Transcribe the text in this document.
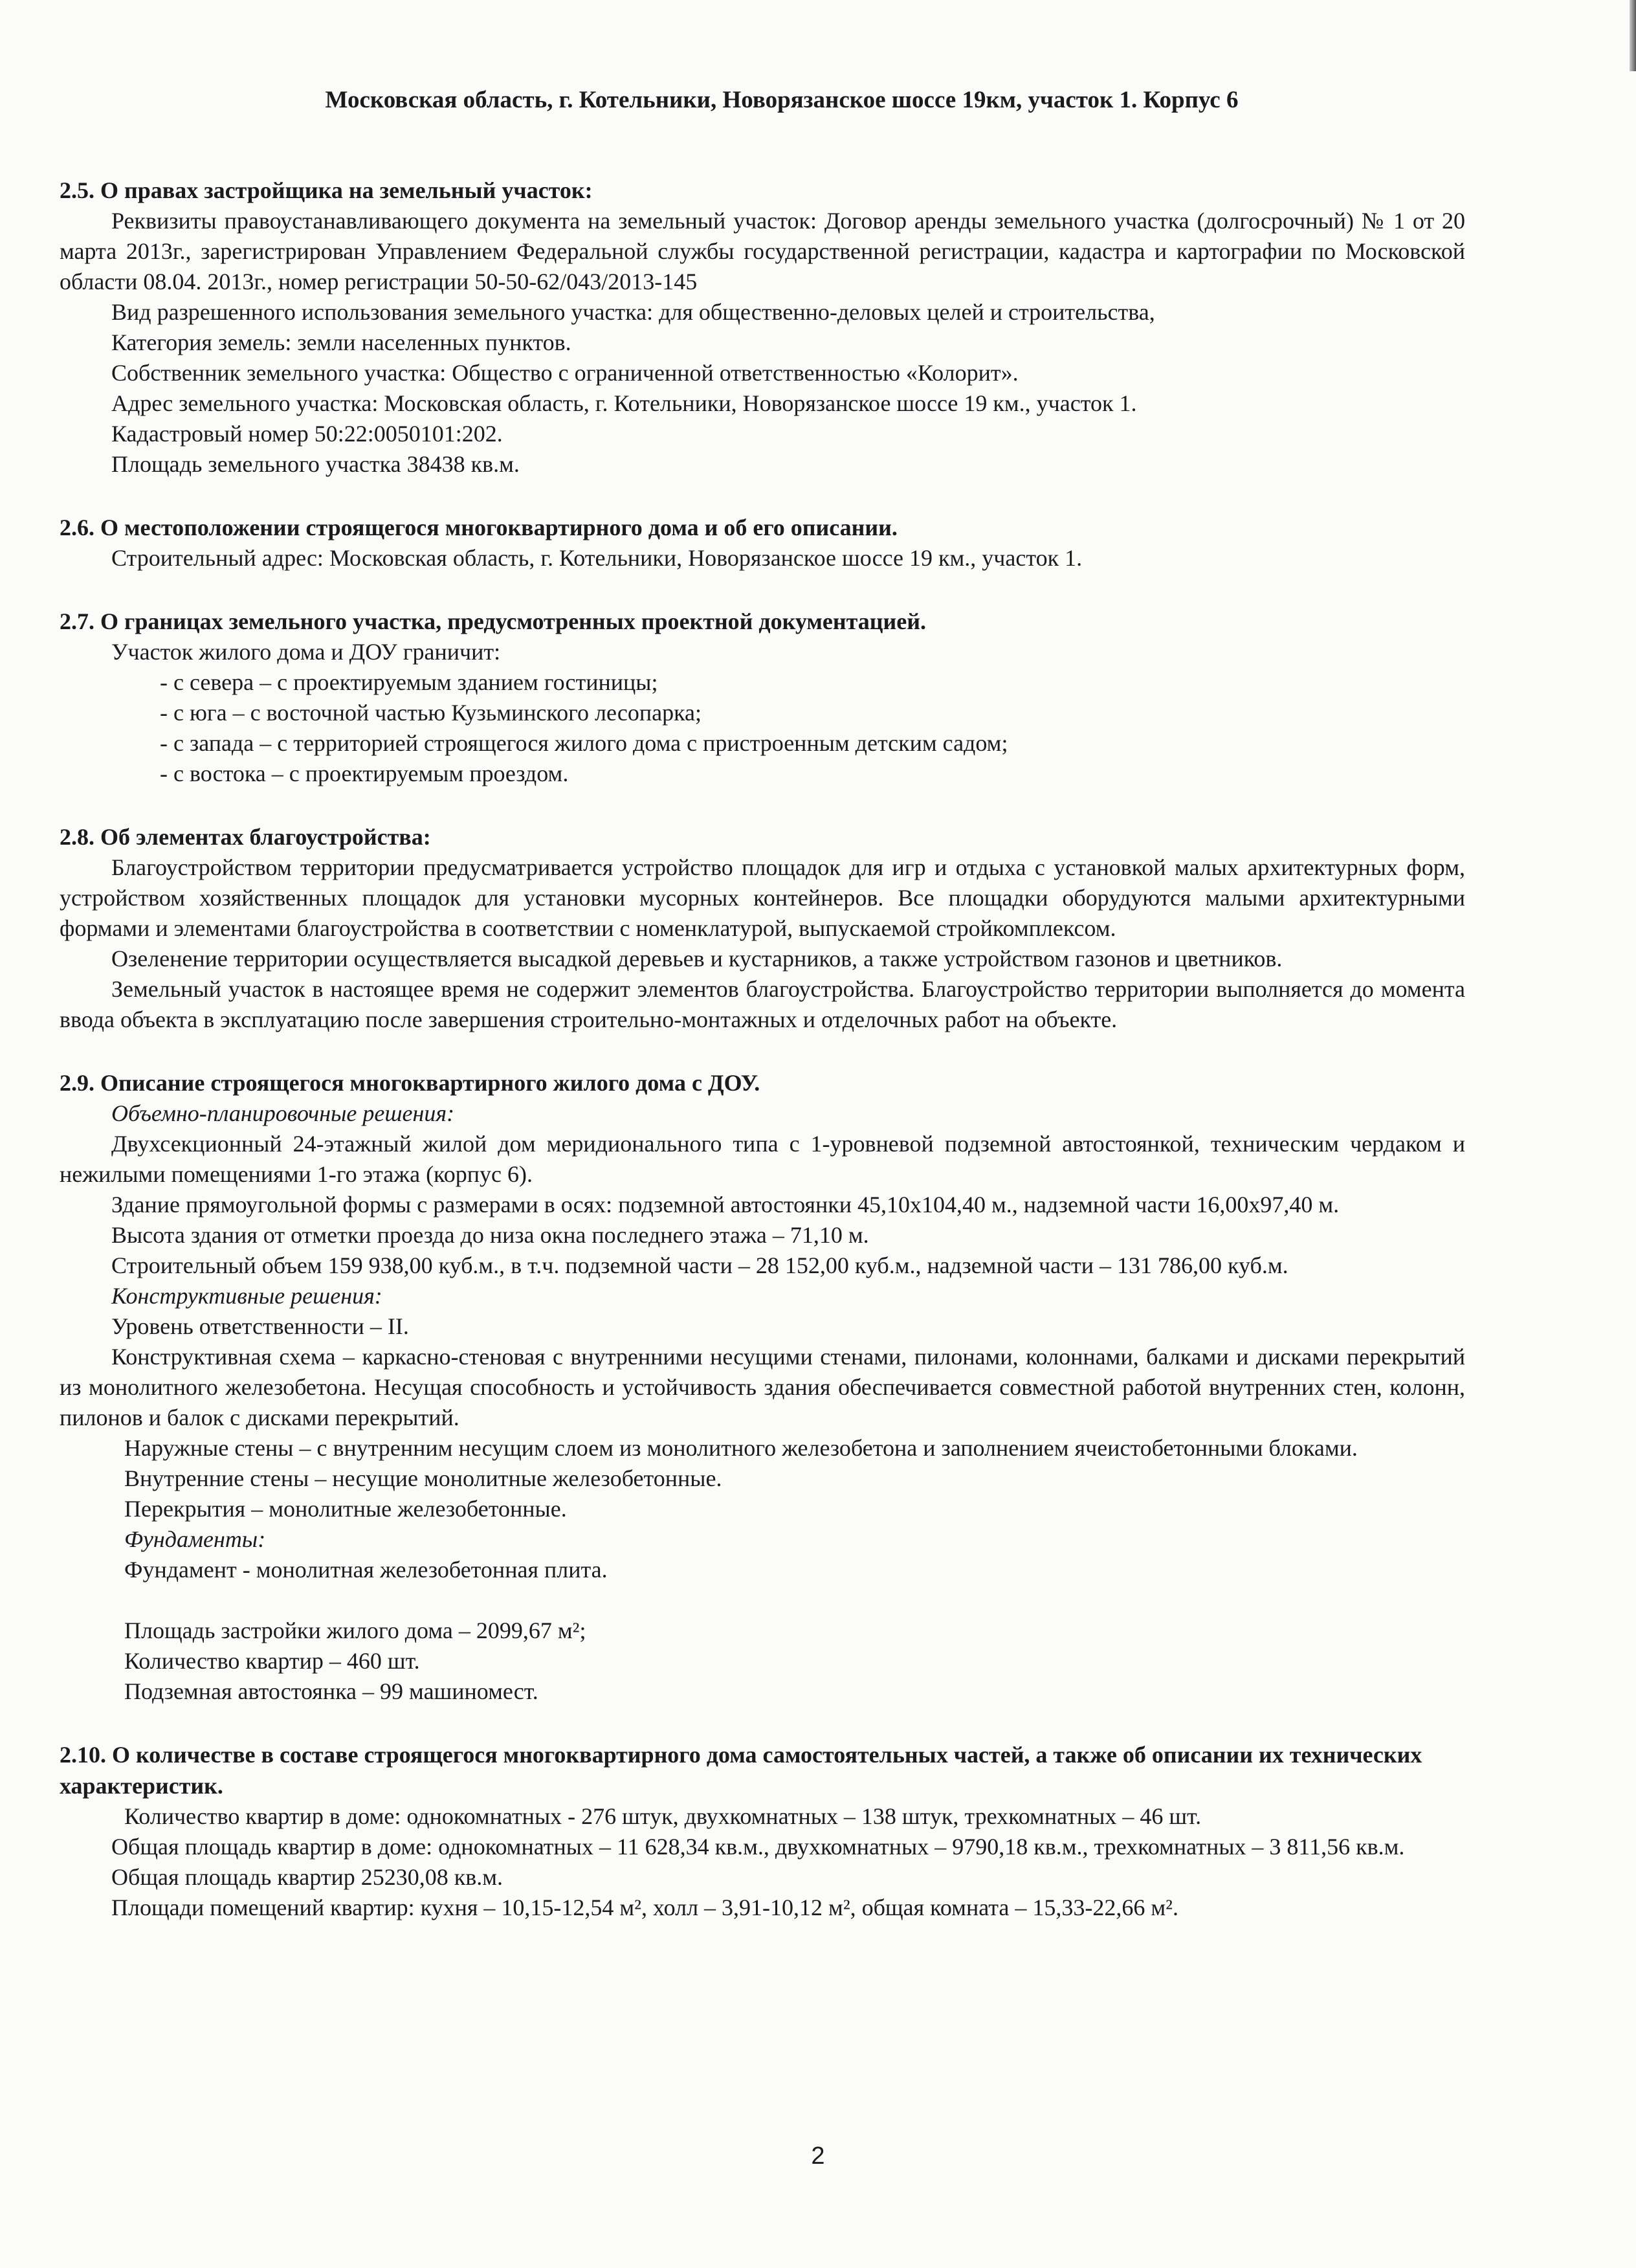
Московская область, г. Котельники, Новорязанское шоссе 19км, участок 1. Корпус 6

2.5. О правах застройщика на земельный участок:

Реквизиты правоустанавливающего документа на земельный участок: Договор аренды земельного участка (долгосрочный) № 1 от 20 марта 2013г., зарегистрирован Управлением Федеральной службы государственной регистрации, кадастра и картографии по Московской области 08.04. 2013г., номер регистрации 50-50-62/043/2013-145

Вид разрешенного использования земельного участка: для общественно-деловых целей и строительства,

Категория земель: земли населенных пунктов.

Собственник земельного участка: Общество с ограниченной ответственностью «Колорит».

Адрес земельного участка: Московская область, г. Котельники, Новорязанское шоссе 19 км., участок 1.

Кадастровый номер 50:22:0050101:202.

Площадь земельного участка 38438 кв.м.

2.6. О местоположении строящегося многоквартирного дома и об его описании.

Строительный адрес: Московская область, г. Котельники, Новорязанское шоссе 19 км., участок 1.

2.7. О границах земельного участка, предусмотренных проектной документацией.

Участок жилого дома и ДОУ граничит:

- с севера – с проектируемым зданием гостиницы;
- с юга – с восточной частью Кузьминского лесопарка;
- с запада – с территорией строящегося жилого дома с пристроенным детским садом;
- с востока – с проектируемым проездом.

2.8. Об элементах благоустройства:

Благоустройством территории предусматривается устройство площадок для игр и отдыха с установкой малых архитектурных форм, устройством хозяйственных площадок для установки мусорных контейнеров. Все площадки оборудуются малыми архитектурными формами и элементами благоустройства в соответствии с номенклатурой, выпускаемой стройкомплексом.

Озеленение территории осуществляется высадкой деревьев и кустарников, а также устройством газонов и цветников.

Земельный участок в настоящее время не содержит элементов благоустройства. Благоустройство территории выполняется до момента ввода объекта в эксплуатацию после завершения строительно-монтажных и отделочных работ на объекте.

2.9. Описание строящегося многоквартирного жилого дома с ДОУ.

Объемно-планировочные решения:

Двухсекционный 24-этажный жилой дом меридионального типа с 1-уровневой подземной автостоянкой, техническим чердаком и нежилыми помещениями 1-го этажа (корпус 6).

Здание прямоугольной формы с размерами в осях: подземной автостоянки 45,10х104,40 м., надземной части 16,00х97,40 м.

Высота здания от отметки проезда до низа окна последнего этажа – 71,10 м.

Строительный объем 159 938,00 куб.м., в т.ч. подземной части – 28 152,00 куб.м., надземной части – 131 786,00 куб.м.

Конструктивные решения:

Уровень ответственности – II.

Конструктивная схема – каркасно-стеновая с внутренними несущими стенами, пилонами, колоннами, балками и дисками перекрытий из монолитного железобетона. Несущая способность и устойчивость здания обеспечивается совместной работой внутренних стен, колонн, пилонов и балок с дисками перекрытий.

Наружные стены – с внутренним несущим слоем из монолитного железобетона и заполнением ячеистобетонными блоками.

Внутренние стены – несущие монолитные железобетонные.

Перекрытия – монолитные железобетонные.

Фундаменты:

Фундамент - монолитная железобетонная плита.

Площадь застройки жилого дома – 2099,67 м²;

Количество квартир – 460 шт.

Подземная автостоянка – 99 машиномест.

2.10. О количестве в составе строящегося многоквартирного дома самостоятельных частей, а также об описании их технических характеристик.

Количество квартир в доме: однокомнатных - 276 штук, двухкомнатных – 138 штук, трехкомнатных – 46 шт.

Общая площадь квартир в доме: однокомнатных – 11 628,34 кв.м., двухкомнатных – 9790,18 кв.м., трехкомнатных – 3 811,56 кв.м.

Общая площадь квартир 25230,08 кв.м.

Площади помещений квартир: кухня – 10,15-12,54 м², холл – 3,91-10,12 м², общая комната – 15,33-22,66 м².

2
